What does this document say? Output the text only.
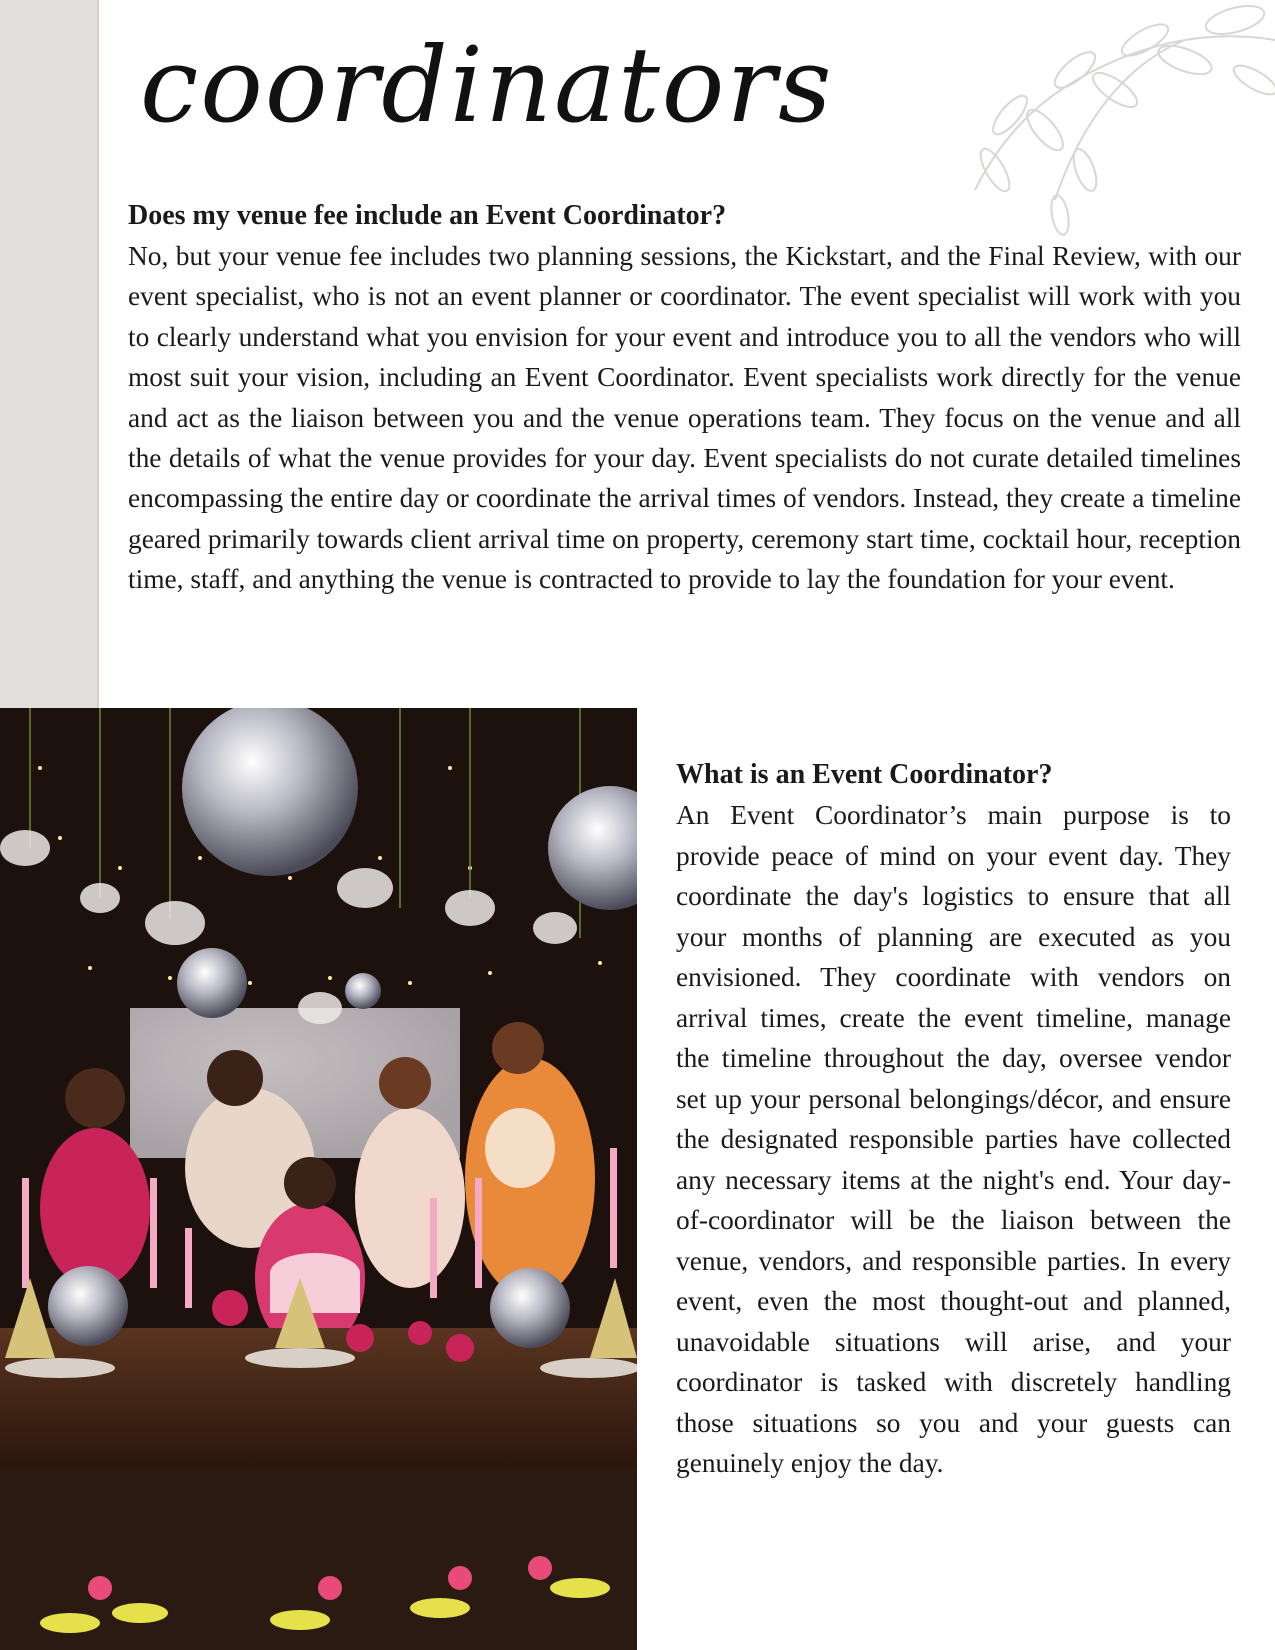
coordinators

Does my venue fee include an Event Coordinator?

No, but your venue fee includes two planning sessions, the Kickstart, and the Final Review, with our event specialist, who is not an event planner or coordinator. The event specialist will work with you to clearly understand what you envision for your event and introduce you to all the vendors who will most suit your vision, including an Event Coordinator. Event specialists work directly for the venue and act as the liaison between you and the venue operations team. They focus on the venue and all the details of what the venue provides for your day. Event specialists do not curate detailed timelines encompassing the entire day or coordinate the arrival times of vendors. Instead, they create a timeline geared primarily towards client arrival time on property, ceremony start time, cocktail hour, reception time, staff, and anything the venue is contracted to provide to lay the foundation for your event.

What is an Event Coordinator?

An Event Coordinator’s main purpose is to provide peace of mind on your event day. They coordinate the day's logistics to ensure that all your months of planning are executed as you envisioned. They coordinate with vendors on arrival times, create the event timeline, manage the timeline throughout the day, oversee vendor set up your personal belongings/décor, and ensure the designated responsible parties have collected any necessary items at the night's end. Your day-of-coordinator will be the liaison between the venue, vendors, and responsible parties. In every event, even the most thought-out and planned, unavoidable situations will arise, and your coordinator is tasked with discretely handling those situations so you and your guests can genuinely enjoy the day.
